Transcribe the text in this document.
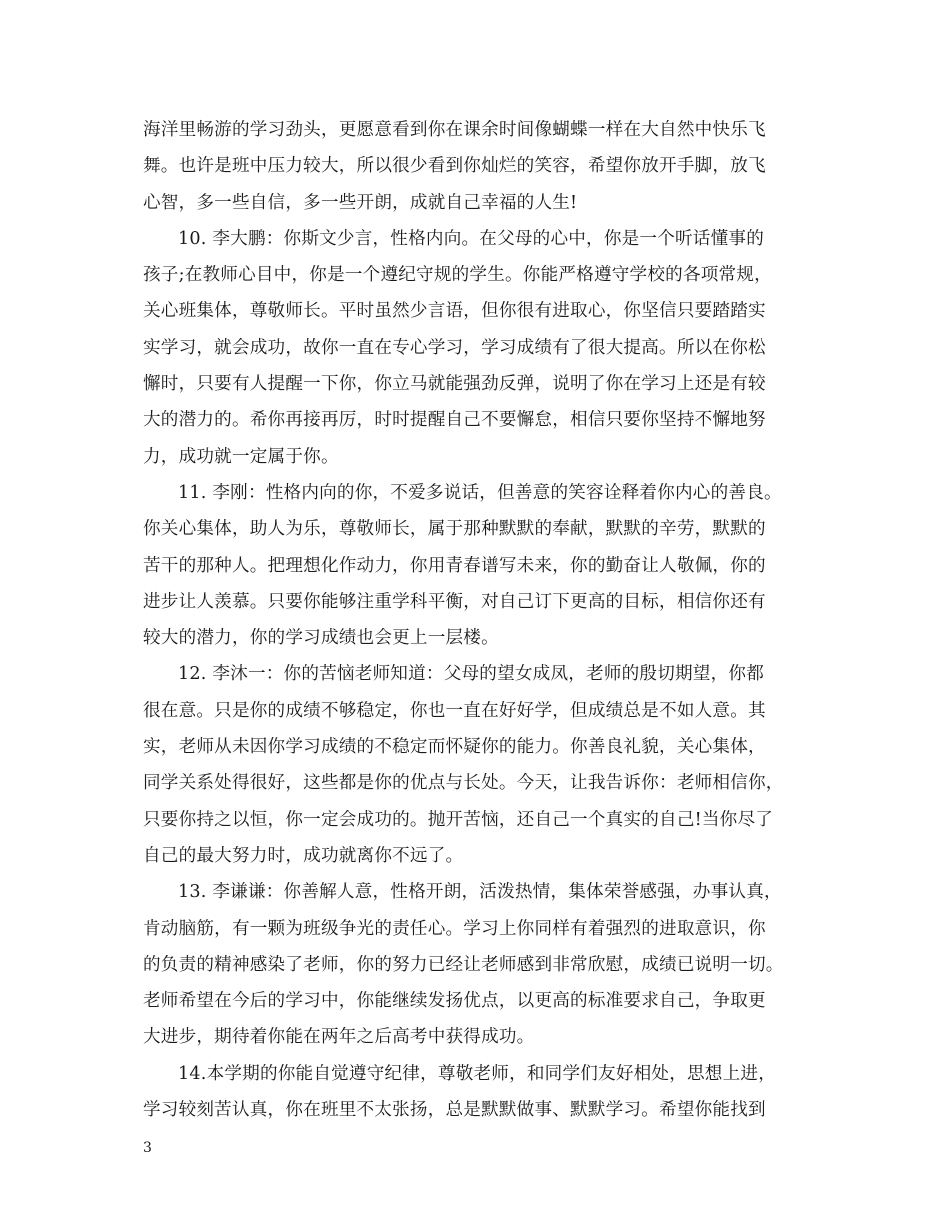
海洋里畅游的学习劲头，更愿意看到你在课余时间像蝴蝶一样在大自然中快乐飞
舞。也许是班中压力较大，所以很少看到你灿烂的笑容，希望你放开手脚，放飞
心智，多一些自信，多一些开朗，成就自己幸福的人生!
10. 李大鹏：你斯文少言，性格内向。在父母的心中，你是一个听话懂事的
孩子;在教师心目中，你是一个遵纪守规的学生。你能严格遵守学校的各项常规，
关心班集体，尊敬师长。平时虽然少言语，但你很有进取心，你坚信只要踏踏实
实学习，就会成功，故你一直在专心学习，学习成绩有了很大提高。所以在你松
懈时，只要有人提醒一下你，你立马就能强劲反弹，说明了你在学习上还是有较
大的潜力的。希你再接再厉，时时提醒自己不要懈怠，相信只要你坚持不懈地努
力，成功就一定属于你。
11. 李刚：性格内向的你，不爱多说话，但善意的笑容诠释着你内心的善良。
你关心集体，助人为乐，尊敬师长，属于那种默默的奉献，默默的辛劳，默默的
苦干的那种人。把理想化作动力，你用青春谱写未来，你的勤奋让人敬佩，你的
进步让人羡慕。只要你能够注重学科平衡，对自己订下更高的目标，相信你还有
较大的潜力，你的学习成绩也会更上一层楼。
12. 李沐一：你的苦恼老师知道：父母的望女成凤，老师的殷切期望，你都
很在意。只是你的成绩不够稳定，你也一直在好好学，但成绩总是不如人意。其
实，老师从未因你学习成绩的不稳定而怀疑你的能力。你善良礼貌，关心集体，
同学关系处得很好，这些都是你的优点与长处。今天，让我告诉你：老师相信你，
只要你持之以恒，你一定会成功的。抛开苦恼，还自己一个真实的自己!当你尽了
自己的最大努力时，成功就离你不远了。
13. 李谦谦：你善解人意，性格开朗，活泼热情，集体荣誉感强，办事认真，
肯动脑筋，有一颗为班级争光的责任心。学习上你同样有着强烈的进取意识，你
的负责的精神感染了老师，你的努力已经让老师感到非常欣慰，成绩已说明一切。
老师希望在今后的学习中，你能继续发扬优点，以更高的标准要求自己，争取更
大进步，期待着你能在两年之后高考中获得成功。
14.本学期的你能自觉遵守纪律，尊敬老师，和同学们友好相处，思想上进，
学习较刻苦认真，你在班里不太张扬，总是默默做事、默默学习。希望你能找到
3
